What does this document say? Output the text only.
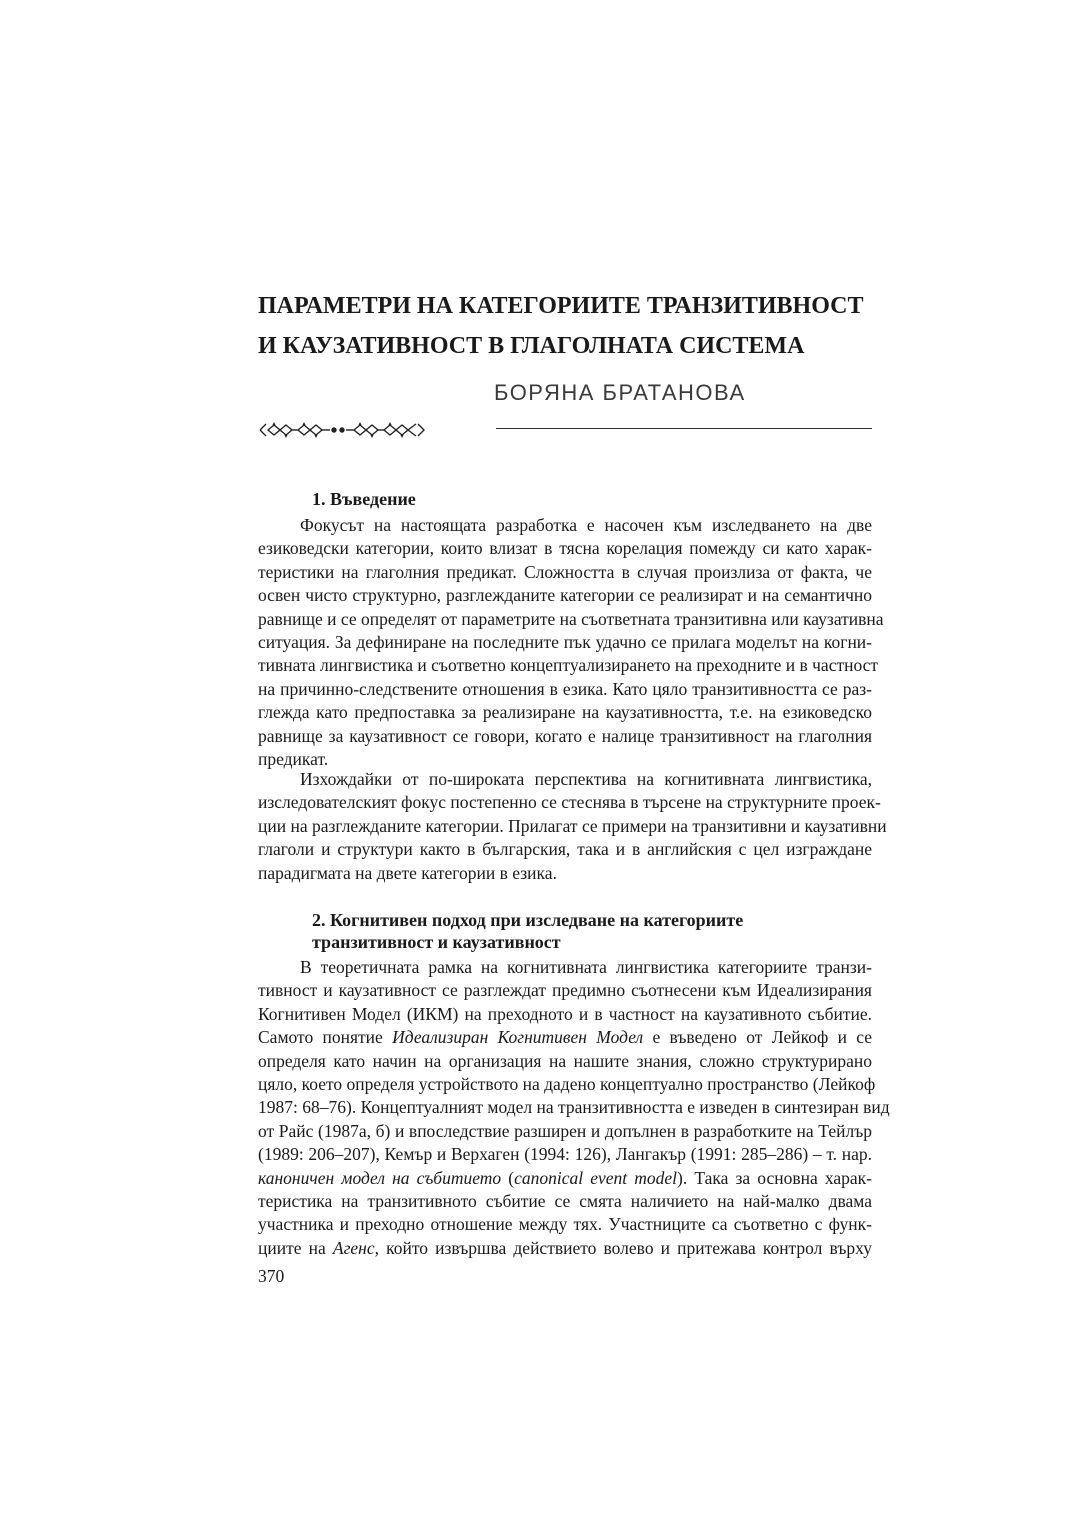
ПАРАМЕТРИ НА КАТЕГОРИИТЕ ТРАНЗИТИВНОСТ
И КАУЗАТИВНОСТ В ГЛАГОЛНАТА СИСТЕМА
БОРЯНА БРАТАНОВА
1. Въведение
Фокусът на настоящата разработка е насочен към изследването на две
езиковедски категории, които влизат в тясна корелация помежду си като харак-
теристики на глаголния предикат. Сложността в случая произлиза от факта, че
освен чисто структурно, разглежданите категории се реализират и на семантично
равнище и се определят от параметрите на съответната транзитивна или каузативна
ситуация. За дефиниране на последните пък удачно се прилага моделът на когни-
тивната лингвистика и съответно концептуализирането на преходните и в частност
на причинно-следствените отношения в езика. Като цяло транзитивността се раз-
глежда като предпоставка за реализиране на каузативността, т.е. на езиковедско
равнище за каузативност се говори, когато е налице транзитивност на глаголния
предикат.
Изхождайки от по-широката перспектива на когнитивната лингвистика,
изследователският фокус постепенно се стеснява в търсене на структурните проек-
ции на разглежданите категории. Прилагат се примери на транзитивни и каузативни
глаголи и структури както в българския, така и в английския с цел изграждане
парадигмата на двете категории в езика.
2. Когнитивен подход при изследване на категориите
транзитивност и каузативност
В теоретичната рамка на когнитивната лингвистика категориите транзи-
тивност и каузативност се разглеждат предимно съотнесени към Идеализирания
Когнитивен Модел (ИКМ) на преходното и в частност на каузативното събитие.
Самото понятие Идеализиран Когнитивен Модел е въведено от Лейкоф и се
определя като начин на организация на нашите знания, сложно структурирано
цяло, което определя устройството на дадено концептуално пространство (Лейкоф
1987: 68–76). Концептуалният модел на транзитивността е изведен в синтезиран вид
от Райс (1987а, б) и впоследствие разширен и допълнен в разработките на Тейлър
(1989: 206–207), Кемър и Верхаген (1994: 126), Лангакър (1991: 285–286) – т. нар.
каноничен модел на събитието (canonical event model). Така за основна харак-
теристика на транзитивното събитие се смята наличието на най-малко двама
участника и преходно отношение между тях. Участниците са съответно с функ-
циите на Агенс, който извършва действието волево и притежава контрол върху
370
